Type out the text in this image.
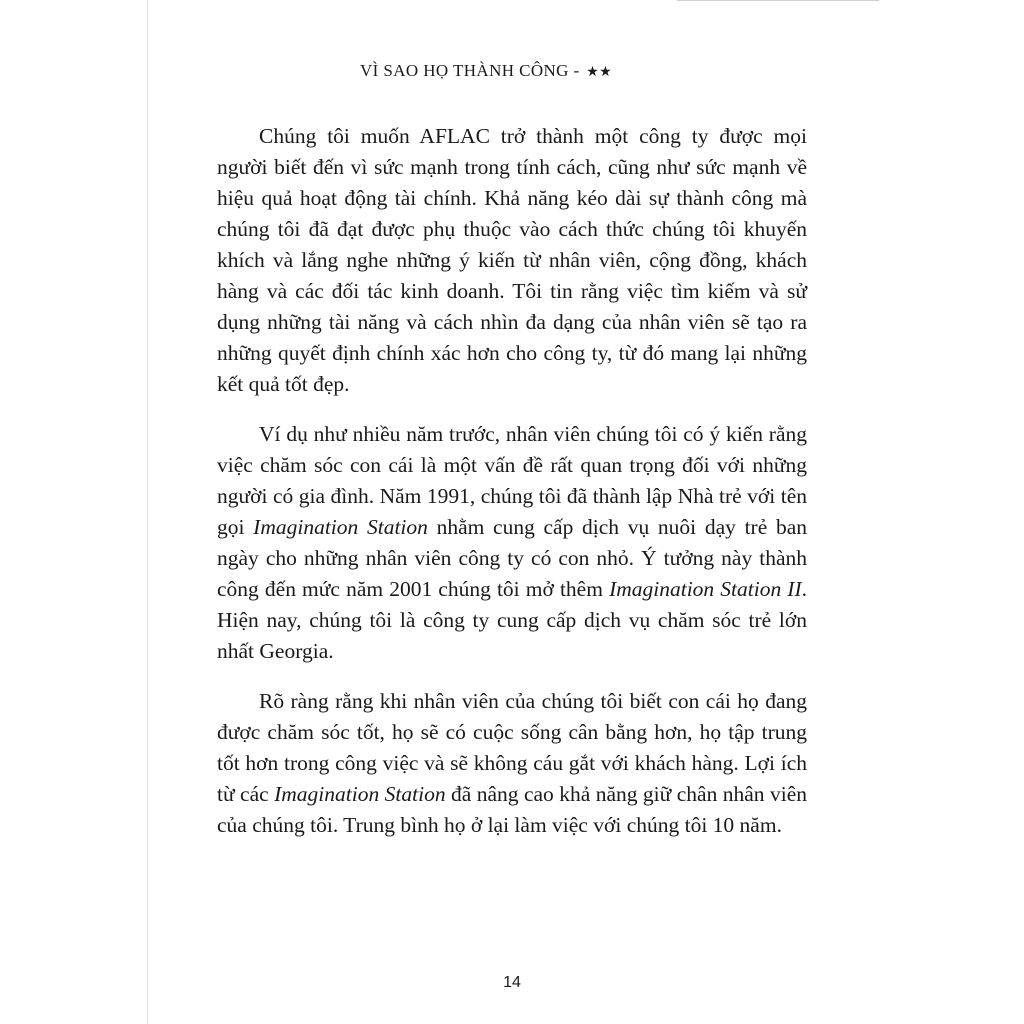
VÌ SAO HỌ THÀNH CÔNG - ★★

Chúng tôi muốn AFLAC trở thành một công ty được mọi người biết đến vì sức mạnh trong tính cách, cũng như sức mạnh về hiệu quả hoạt động tài chính. Khả năng kéo dài sự thành công mà chúng tôi đã đạt được phụ thuộc vào cách thức chúng tôi khuyến khích và lắng nghe những ý kiến từ nhân viên, cộng đồng, khách hàng và các đối tác kinh doanh. Tôi tin rằng việc tìm kiếm và sử dụng những tài năng và cách nhìn đa dạng của nhân viên sẽ tạo ra những quyết định chính xác hơn cho công ty, từ đó mang lại những kết quả tốt đẹp.

Ví dụ như nhiều năm trước, nhân viên chúng tôi có ý kiến rằng việc chăm sóc con cái là một vấn đề rất quan trọng đối với những người có gia đình. Năm 1991, chúng tôi đã thành lập Nhà trẻ với tên gọi Imagination Station nhằm cung cấp dịch vụ nuôi dạy trẻ ban ngày cho những nhân viên công ty có con nhỏ. Ý tưởng này thành công đến mức năm 2001 chúng tôi mở thêm Imagination Station II. Hiện nay, chúng tôi là công ty cung cấp dịch vụ chăm sóc trẻ lớn nhất Georgia.

Rõ ràng rằng khi nhân viên của chúng tôi biết con cái họ đang được chăm sóc tốt, họ sẽ có cuộc sống cân bằng hơn, họ tập trung tốt hơn trong công việc và sẽ không cáu gắt với khách hàng. Lợi ích từ các Imagination Station đã nâng cao khả năng giữ chân nhân viên của chúng tôi. Trung bình họ ở lại làm việc với chúng tôi 10 năm.

14
